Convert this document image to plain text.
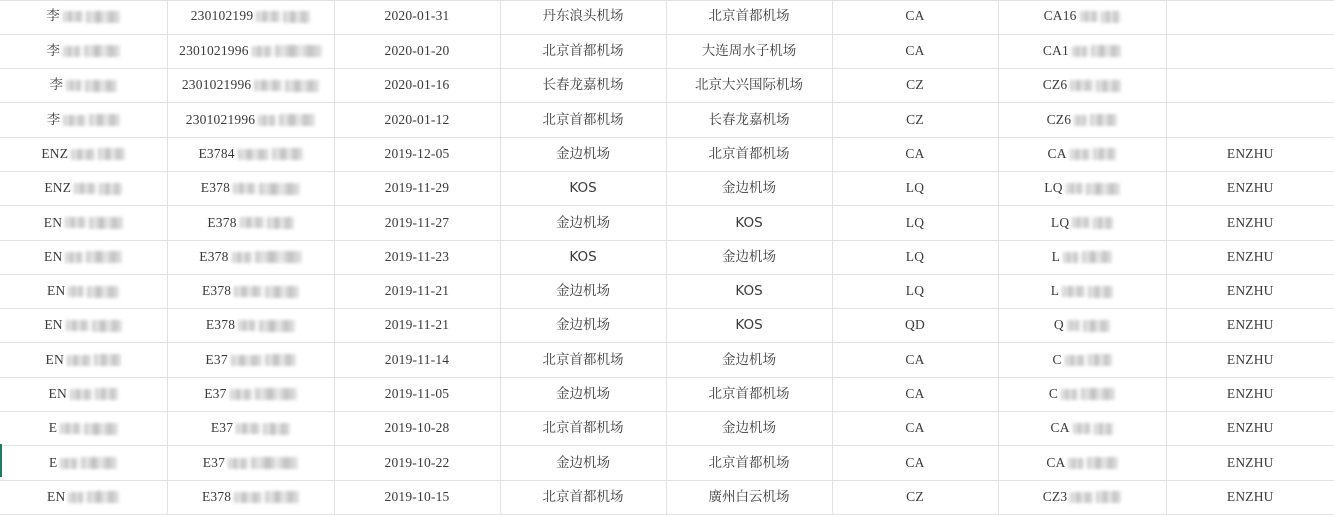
李	230102199	2020-01-31	丹东浪头机场	北京首都机场	CA	CA16	

李	2301021996	2020-01-20	北京首都机场	大连周水子机场	CA	CA1	

李	2301021996	2020-01-16	长春龙嘉机场	北京大兴国际机场	CZ	CZ6	

李	2301021996	2020-01-12	北京首都机场	长春龙嘉机场	CZ	CZ6	

ENZ	E3784	2019-12-05	金边机场	北京首都机场	CA	CA	ENZHU

ENZ	E378	2019-11-29	KOS	金边机场	LQ	LQ	ENZHU

EN	E378	2019-11-27	金边机场	KOS	LQ	LQ	ENZHU

EN	E378	2019-11-23	KOS	金边机场	LQ	L	ENZHU

EN	E378	2019-11-21	金边机场	KOS	LQ	L	ENZHU

EN	E378	2019-11-21	金边机场	KOS	QD	Q	ENZHU

EN	E37	2019-11-14	北京首都机场	金边机场	CA	C	ENZHU

EN	E37	2019-11-05	金边机场	北京首都机场	CA	C	ENZHU

E	E37	2019-10-28	北京首都机场	金边机场	CA	CA	ENZHU

E	E37	2019-10-22	金边机场	北京首都机场	CA	CA	ENZHU

EN	E378	2019-10-15	北京首都机场	廣州白云机场	CZ	CZ3	ENZHU
